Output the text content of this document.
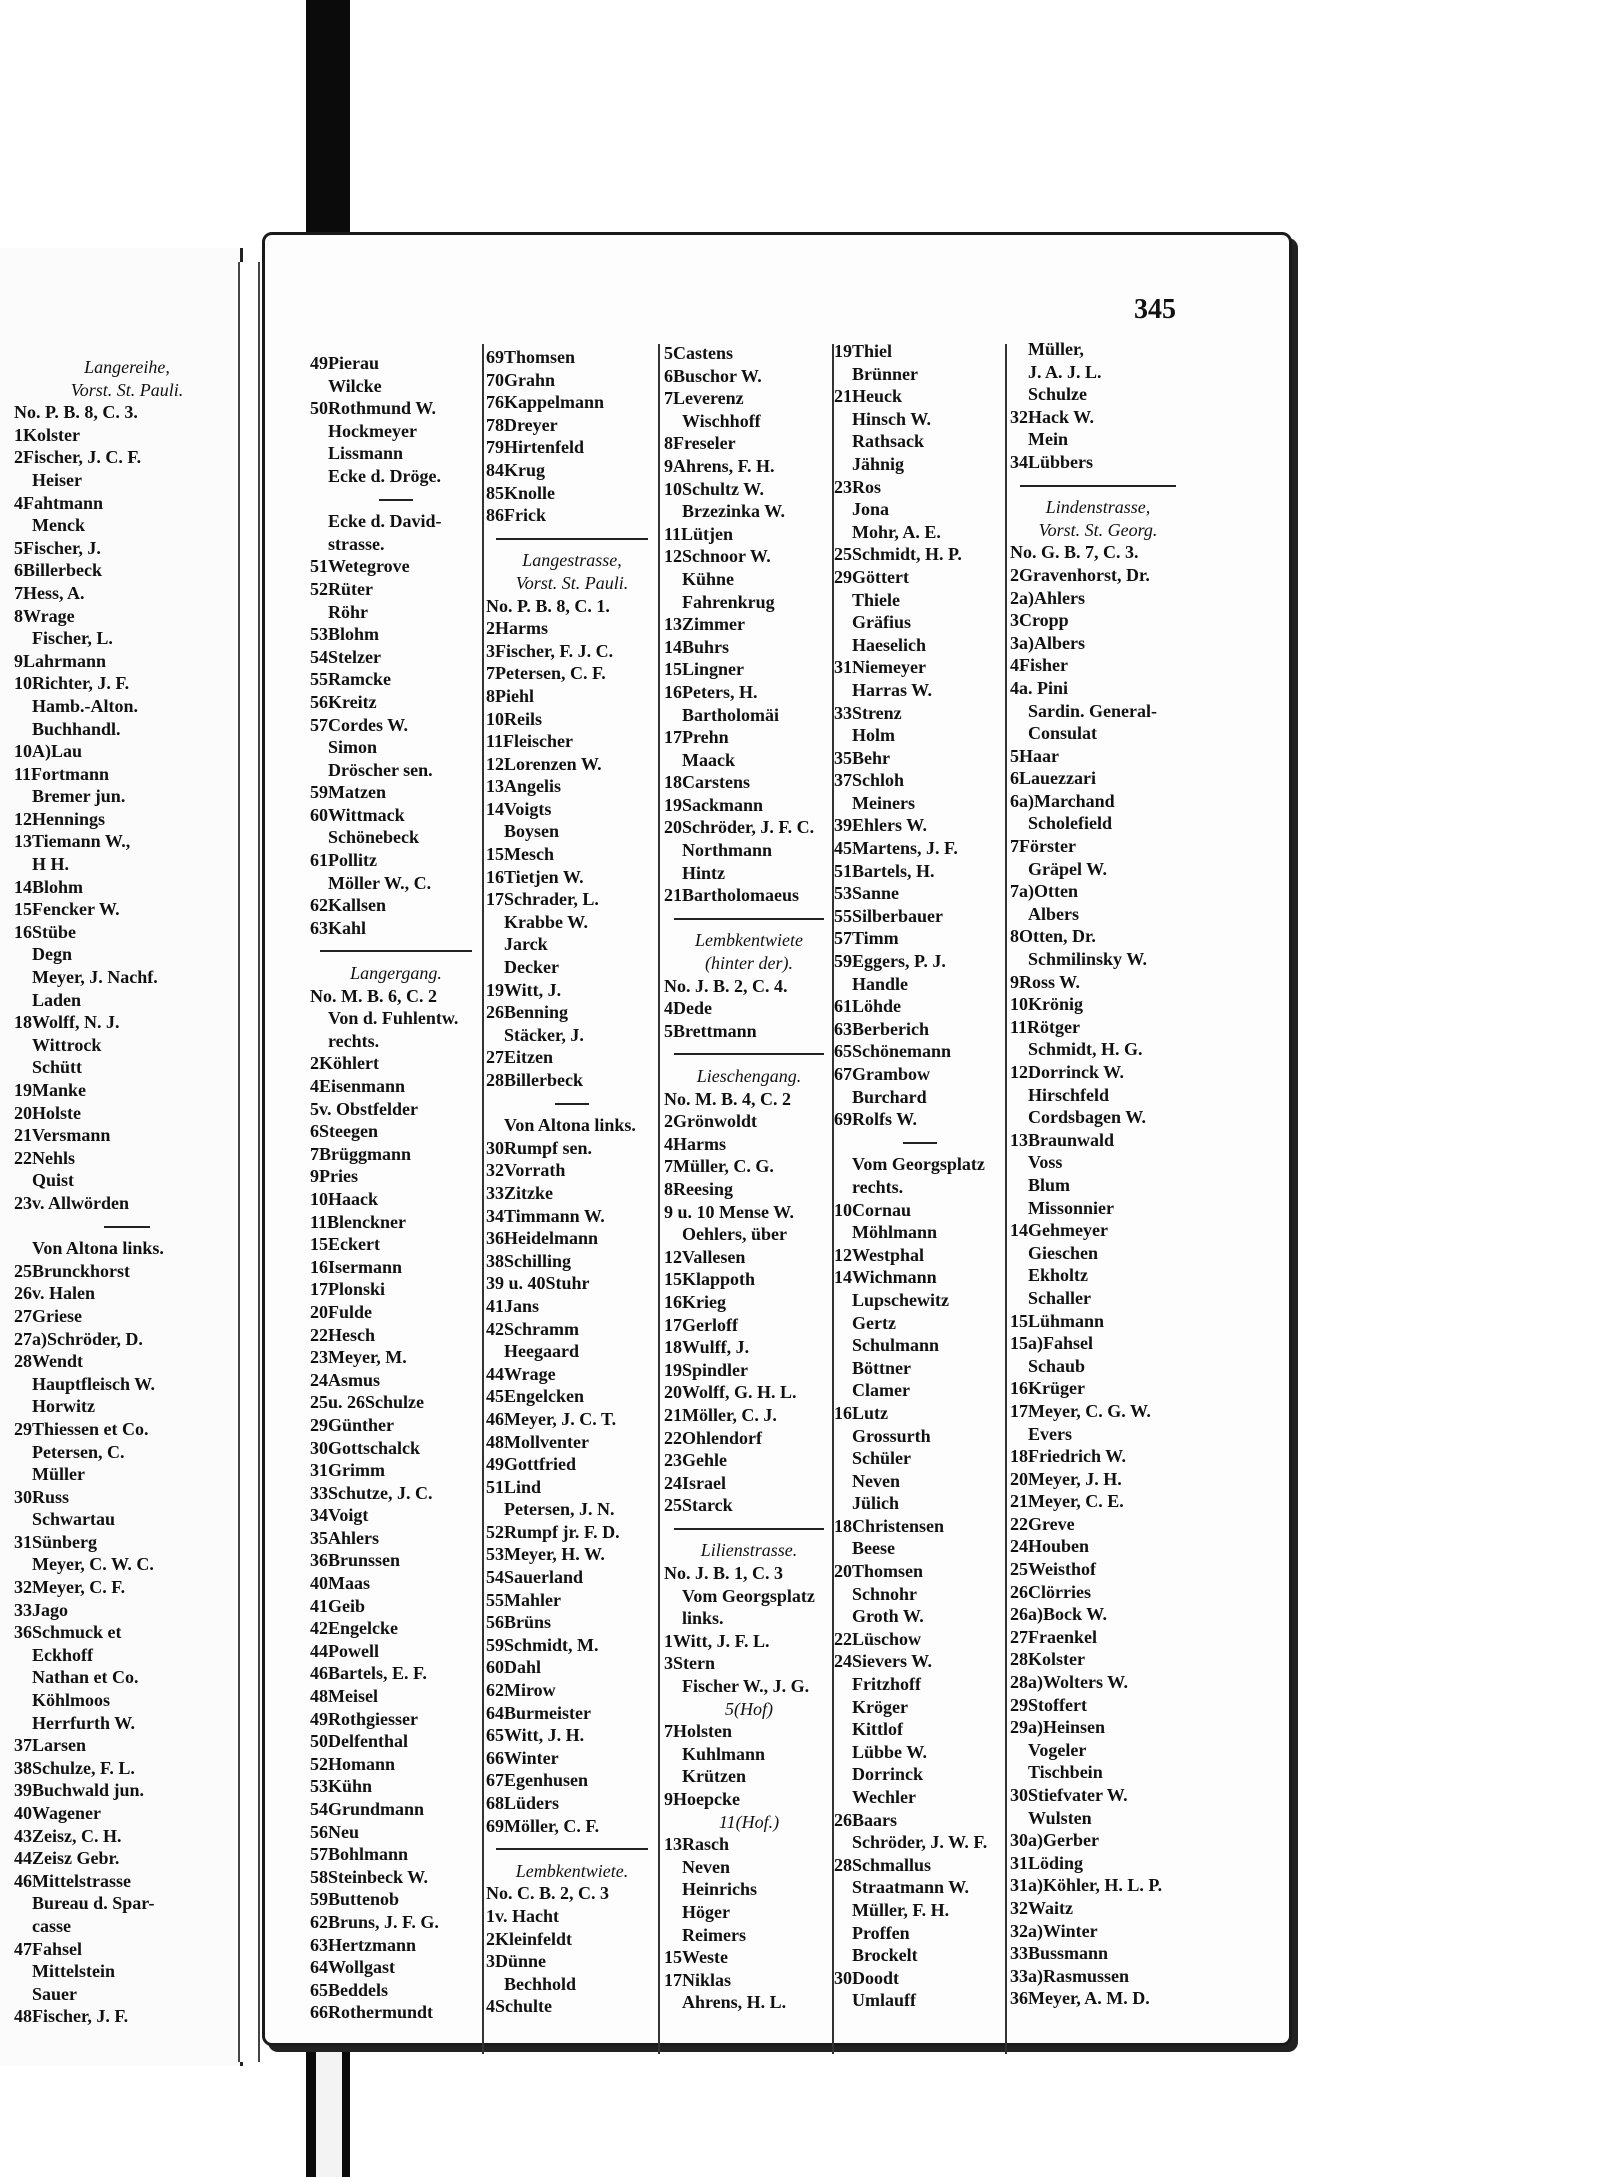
Langereihe,
Vorst. St. Pauli.
No. P. B. 8, C. 3.
1Kolster
2Fischer, J. C. F.
Heiser
4Fahtmann
Menck
5Fischer, J.
6Billerbeck
7Hess, A.
8Wrage
Fischer, L.
9Lahrmann
10Richter, J. F.
Hamb.-Alton.
Buchhandl.
10A)Lau
11Fortmann
Bremer jun.
12Hennings
13Tiemann W.,
H H.
14Blohm
15Fencker W.
16Stübe
Degn
Meyer, J. Nachf.
Laden
18Wolff, N. J.
Wittrock
Schütt
19Manke
20Holste
21Versmann
22Nehls
Quist
23v. Allwörden
Von Altona links.
25Brunckhorst
26v. Halen
27Griese
27a)Schröder, D.
28Wendt
Hauptfleisch W.
Horwitz
29Thiessen et Co.
Petersen, C.
Müller
30Russ
Schwartau
31Sünberg
Meyer, C. W. C.
32Meyer, C. F.
33Jago
36Schmuck et
Eckhoff
Nathan et Co.
Köhlmoos
Herrfurth W.
37Larsen
38Schulze, F. L.
39Buchwald jun.
40Wagener
43Zeisz, C. H.
44Zeisz Gebr.
46Mittelstrasse
Bureau d. Spar-
casse
47Fahsel
Mittelstein
Sauer
48Fischer, J. F.
345
49Pierau
Wilcke
50Rothmund W.
Hockmeyer
Lissmann
Ecke d. Dröge.
Ecke d. David-
strasse.
51Wetegrove
52Rüter
Röhr
53Blohm
54Stelzer
55Ramcke
56Kreitz
57Cordes W.
Simon
Dröscher sen.
59Matzen
60Wittmack
Schönebeck
61Pollitz
Möller W., C.
62Kallsen
63Kahl
Langergang.
No. M. B. 6, C. 2
Von d. Fuhlentw.
rechts.
2Köhlert
4Eisenmann
5v. Obstfelder
6Steegen
7Brüggmann
9Pries
10Haack
11Blenckner
15Eckert
16Isermann
17Plonski
20Fulde
22Hesch
23Meyer, M.
24Asmus
25u. 26Schulze
29Günther
30Gottschalck
31Grimm
33Schutze, J. C.
34Voigt
35Ahlers
36Brunssen
40Maas
41Geib
42Engelcke
44Powell
46Bartels, E. F.
48Meisel
49Rothgiesser
50Delfenthal
52Homann
53Kühn
54Grundmann
56Neu
57Bohlmann
58Steinbeck W.
59Buttenob
62Bruns, J. F. G.
63Hertzmann
64Wollgast
65Beddels
66Rothermundt
69Thomsen
70Grahn
76Kappelmann
78Dreyer
79Hirtenfeld
84Krug
85Knolle
86Frick
Langestrasse,
Vorst. St. Pauli.
No. P. B. 8, C. 1.
2Harms
3Fischer, F. J. C.
7Petersen, C. F.
8Piehl
10Reils
11Fleischer
12Lorenzen W.
13Angelis
14Voigts
Boysen
15Mesch
16Tietjen W.
17Schrader, L.
Krabbe W.
Jarck
Decker
19Witt, J.
26Benning
Stäcker, J.
27Eitzen
28Billerbeck
Von Altona links.
30Rumpf sen.
32Vorrath
33Zitzke
34Timmann W.
36Heidelmann
38Schilling
39 u. 40Stuhr
41Jans
42Schramm
Heegaard
44Wrage
45Engelcken
46Meyer, J. C. T.
48Mollventer
49Gottfried
51Lind
Petersen, J. N.
52Rumpf jr. F. D.
53Meyer, H. W.
54Sauerland
55Mahler
56Brüns
59Schmidt, M.
60Dahl
62Mirow
64Burmeister
65Witt, J. H.
66Winter
67Egenhusen
68Lüders
69Möller, C. F.
Lembkentwiete.
No. C. B. 2, C. 3
1v. Hacht
2Kleinfeldt
3Dünne
Bechhold
4Schulte
5Castens
6Buschor W.
7Leverenz
Wischhoff
8Freseler
9Ahrens, F. H.
10Schultz W.
Brzezinka W.
11Lütjen
12Schnoor W.
Kühne
Fahrenkrug
13Zimmer
14Buhrs
15Lingner
16Peters, H.
Bartholomäi
17Prehn
Maack
18Carstens
19Sackmann
20Schröder, J. F. C.
Northmann
Hintz
21Bartholomaeus
Lembkentwiete
(hinter der).
No. J. B. 2, C. 4.
4Dede
5Brettmann
Lieschengang.
No. M. B. 4, C. 2
2Grönwoldt
4Harms
7Müller, C. G.
8Reesing
9 u. 10 Mense W.
Oehlers, über
12Vallesen
15Klappoth
16Krieg
17Gerloff
18Wulff, J.
19Spindler
20Wolff, G. H. L.
21Möller, C. J.
22Ohlendorf
23Gehle
24Israel
25Starck
Lilienstrasse.
No. J. B. 1, C. 3
Vom Georgsplatz
links.
1Witt, J. F. L.
3Stern
Fischer W., J. G.
5(Hof)
7Holsten
Kuhlmann
Krützen
9Hoepcke
11(Hof.)
13Rasch
Neven
Heinrichs
Höger
Reimers
15Weste
17Niklas
Ahrens, H. L.
19Thiel
Brünner
21Heuck
Hinsch W.
Rathsack
Jähnig
23Ros
Jona
Mohr, A. E.
25Schmidt, H. P.
29Göttert
Thiele
Gräfius
Haeselich
31Niemeyer
Harras W.
33Strenz
Holm
35Behr
37Schloh
Meiners
39Ehlers W.
45Martens, J. F.
51Bartels, H.
53Sanne
55Silberbauer
57Timm
59Eggers, P. J.
Handle
61Löhde
63Berberich
65Schönemann
67Grambow
Burchard
69Rolfs W.
Vom Georgsplatz
rechts.
10Cornau
Möhlmann
12Westphal
14Wichmann
Lupschewitz
Gertz
Schulmann
Böttner
Clamer
16Lutz
Grossurth
Schüler
Neven
Jülich
18Christensen
Beese
20Thomsen
Schnohr
Groth W.
22Lüschow
24Sievers W.
Fritzhoff
Kröger
Kittlof
Lübbe W.
Dorrinck
Wechler
26Baars
Schröder, J. W. F.
28Schmallus
Straatmann W.
Müller, F. H.
Proffen
Brockelt
30Doodt
Umlauff
Müller,
J. A. J. L.
Schulze
32Hack W.
Mein
34Lübbers
Lindenstrasse,
Vorst. St. Georg.
No. G. B. 7, C. 3.
2Gravenhorst, Dr.
2a)Ahlers
3Cropp
3a)Albers
4Fisher
4a. Pini
Sardin. General-
Consulat
5Haar
6Lauezzari
6a)Marchand
Scholefield
7Förster
Gräpel W.
7a)Otten
Albers
8Otten, Dr.
Schmilinsky W.
9Ross W.
10Krönig
11Rötger
Schmidt, H. G.
12Dorrinck W.
Hirschfeld
Cordsbagen W.
13Braunwald
Voss
Blum
Missonnier
14Gehmeyer
Gieschen
Ekholtz
Schaller
15Lühmann
15a)Fahsel
Schaub
16Krüger
17Meyer, C. G. W.
Evers
18Friedrich W.
20Meyer, J. H.
21Meyer, C. E.
22Greve
24Houben
25Weisthof
26Clörries
26a)Bock W.
27Fraenkel
28Kolster
28a)Wolters W.
29Stoffert
29a)Heinsen
Vogeler
Tischbein
30Stiefvater W.
Wulsten
30a)Gerber
31Löding
31a)Köhler, H. L. P.
32Waitz
32a)Winter
33Bussmann
33a)Rasmussen
36Meyer, A. M. D.
